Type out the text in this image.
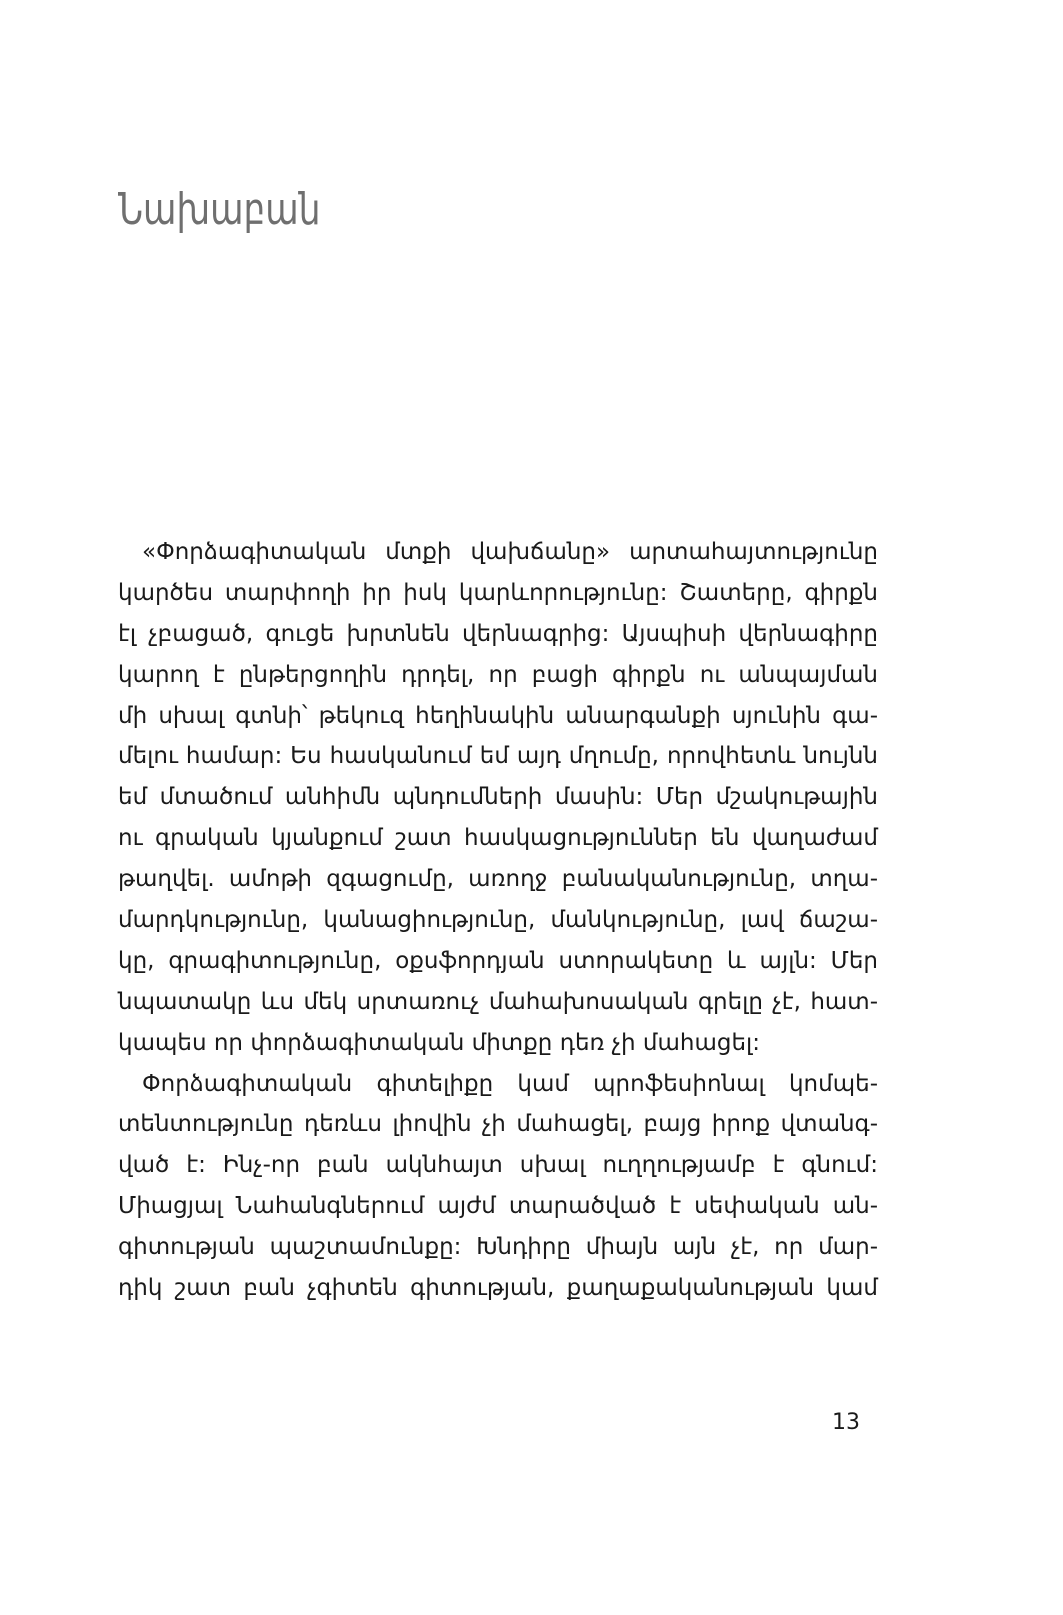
Նախաբան
«Փորձագիտական մտքի վախճանը» արտահայտությունը
կարծես տարփողի իր իսկ կարևորությունը: Շատերը, գիրքն
էլ չբացած, գուցե խրտնեն վերնագրից: Այսպիսի վերնագիրը
կարող է ընթերցողին դրդել, որ բացի գիրքն ու անպայման
մի սխալ գտնի՝ թեկուզ հեղինակին անարգանքի սյունին գա-
մելու համար: Ես հասկանում եմ այդ մղումը, որովհետև նույնն
եմ մտածում անհիմն պնդումների մասին: Մեր մշակութային
ու գրական կյանքում շատ հասկացություններ են վաղաժամ
թաղվել. ամոթի զգացումը, առողջ բանականությունը, տղա-
մարդկությունը, կանացիությունը, մանկությունը, լավ ճաշա-
կը, գրագիտությունը, օքսֆորդյան ստորակետը և այլն: Մեր
նպատակը ևս մեկ սրտառուչ մահախոսական գրելը չէ, հատ-
կապես որ փորձագիտական միտքը դեռ չի մահացել:
Փորձագիտական գիտելիքը կամ պրոֆեսիոնալ կոմպե-
տենտությունը դեռևս լիովին չի մահացել, բայց իրոք վտանգ-
ված է: Ինչ-որ բան ակնհայտ սխալ ուղղությամբ է գնում:
Միացյալ Նահանգներում այժմ տարածված է սեփական ան-
գիտության պաշտամունքը: Խնդիրը միայն այն չէ, որ մար-
դիկ շատ բան չգիտեն գիտության, քաղաքականության կամ
13
